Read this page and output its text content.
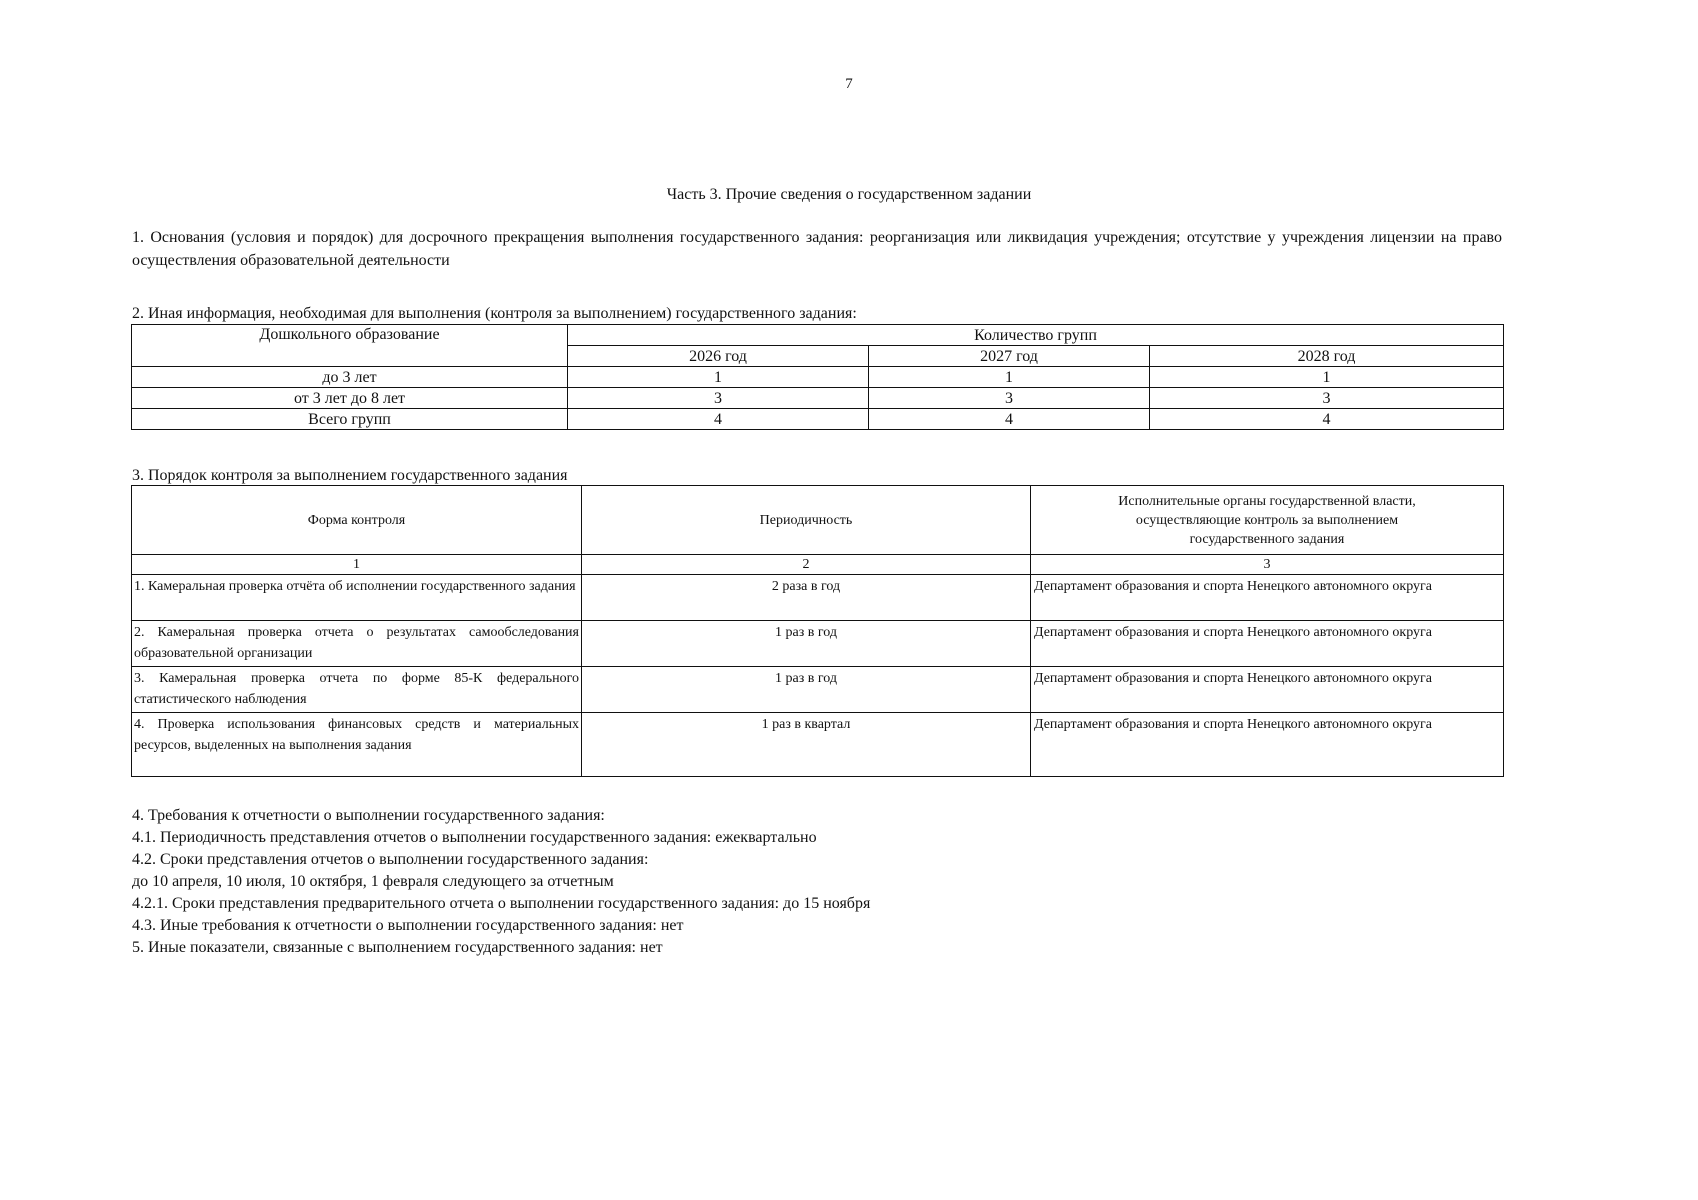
7
Часть 3. Прочие сведения о государственном задании
1. Основания (условия и порядок) для досрочного прекращения выполнения государственного задания: реорганизация или ликвидация учреждения; отсутствие у учреждения лицензии на право осуществления образовательной деятельности
2. Иная информация, необходимая для выполнения (контроля за выполнением) государственного задания:
Дошкольного образование	Количество групп		
	2026 год	2027 год	2028 год
до 3 лет	1	1	1
от 3 лет до 8 лет	3	3	3
Всего групп	4	4	4
3. Порядок контроля за выполнением государственного задания
Форма контроля	Периодичность	Исполнительные органы государственной власти, осуществляющие контроль за выполнением государственного задания
1	2	3
1. Камеральная проверка отчёта об исполнении государственного задания	2 раза в год	Департамент образования и спорта Ненецкого автономного округа
2. Камеральная проверка отчета о результатах самообследования образовательной организации	1 раз в год	Департамент образования и спорта Ненецкого автономного округа
3. Камеральная проверка отчета по форме 85-К федерального статистического наблюдения	1 раз в год	Департамент образования и спорта Ненецкого автономного округа
4. Проверка использования финансовых средств и материальных ресурсов, выделенных на выполнения задания	1 раз в квартал	Департамент образования и спорта Ненецкого автономного округа
4. Требования к отчетности о выполнении государственного задания:
4.1. Периодичность представления отчетов о выполнении государственного задания: ежеквартально
4.2. Сроки представления отчетов о выполнении государственного задания:
до 10 апреля, 10 июля, 10 октября, 1 февраля следующего за отчетным
4.2.1. Сроки представления предварительного отчета о выполнении государственного задания: до 15 ноября
4.3. Иные требования к отчетности о выполнении государственного задания: нет
5. Иные показатели, связанные с выполнением государственного задания: нет
